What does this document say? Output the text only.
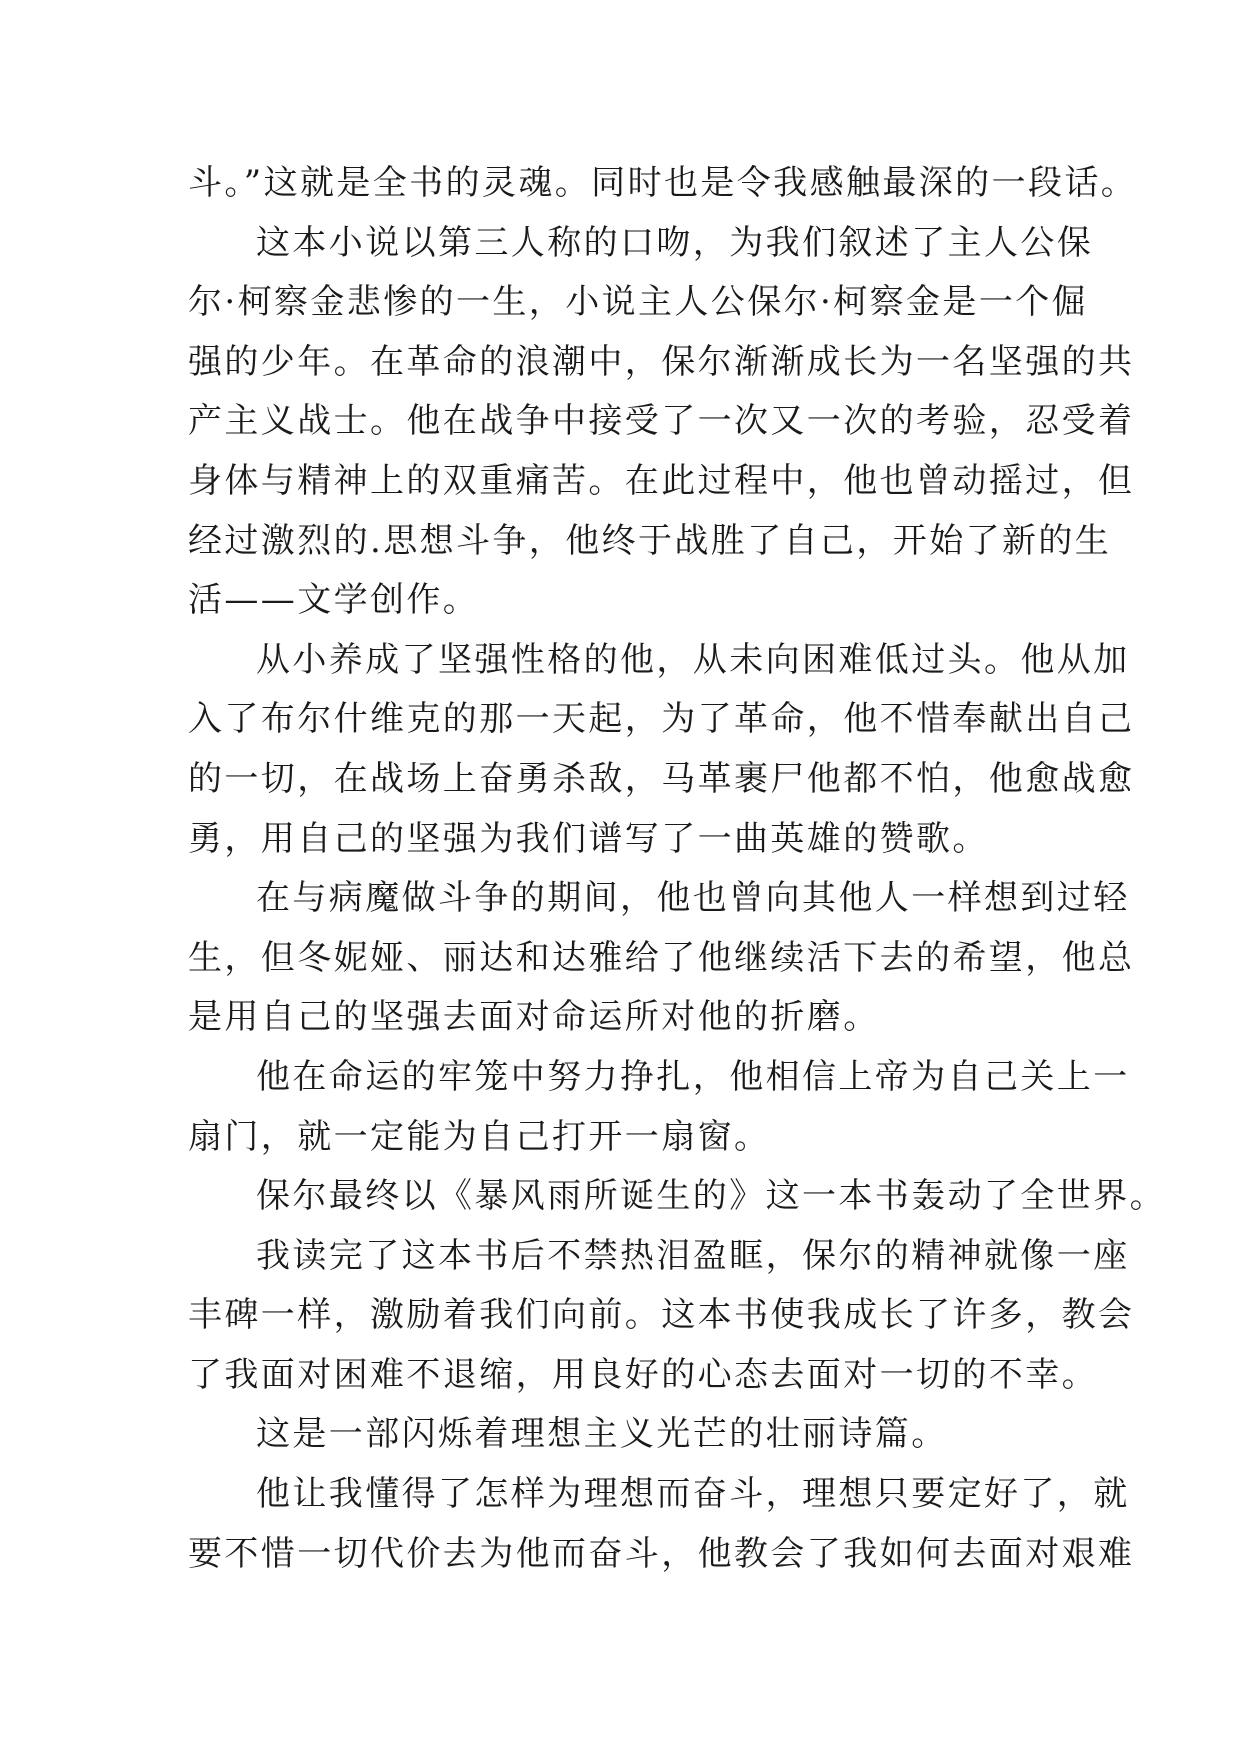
斗。”这就是全书的灵魂。同时也是令我感触最深的一段话。
这本小说以第三人称的口吻，为我们叙述了主人公保
尔·柯察金悲惨的一生，小说主人公保尔·柯察金是一个倔
强的少年。在革命的浪潮中，保尔渐渐成长为一名坚强的共
产主义战士。他在战争中接受了一次又一次的考验，忍受着
身体与精神上的双重痛苦。在此过程中，他也曾动摇过，但
经过激烈的.思想斗争，他终于战胜了自己，开始了新的生
活——文学创作。
从小养成了坚强性格的他，从未向困难低过头。他从加
入了布尔什维克的那一天起，为了革命，他不惜奉献出自己
的一切，在战场上奋勇杀敌，马革裹尸他都不怕，他愈战愈
勇，用自己的坚强为我们谱写了一曲英雄的赞歌。
在与病魔做斗争的期间，他也曾向其他人一样想到过轻
生，但冬妮娅、丽达和达雅给了他继续活下去的希望，他总
是用自己的坚强去面对命运所对他的折磨。
他在命运的牢笼中努力挣扎，他相信上帝为自己关上一
扇门，就一定能为自己打开一扇窗。
保尔最终以《暴风雨所诞生的》这一本书轰动了全世界。
我读完了这本书后不禁热泪盈眶，保尔的精神就像一座
丰碑一样，激励着我们向前。这本书使我成长了许多，教会
了我面对困难不退缩，用良好的心态去面对一切的不幸。
这是一部闪烁着理想主义光芒的壮丽诗篇。
他让我懂得了怎样为理想而奋斗，理想只要定好了，就
要不惜一切代价去为他而奋斗，他教会了我如何去面对艰难
